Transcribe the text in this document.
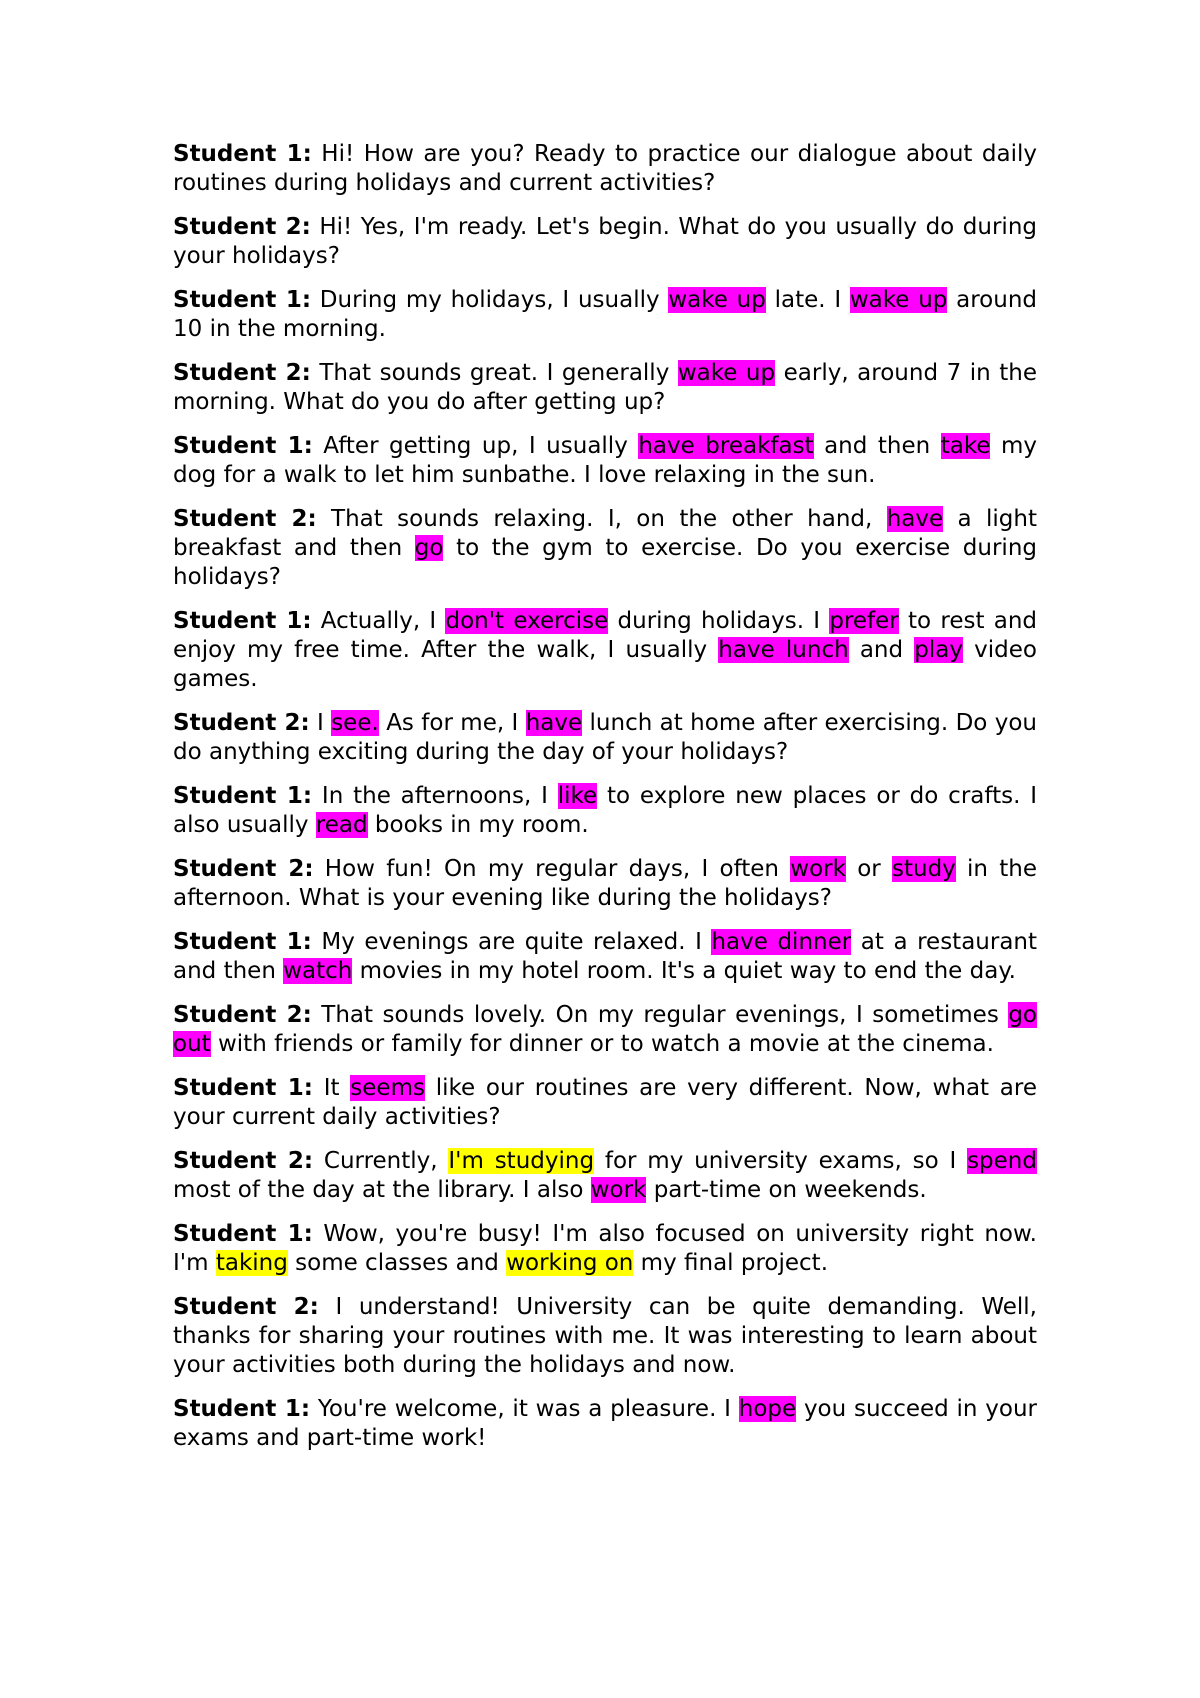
Student 1: Hi! How are you? Ready to practice our dialogue about daily routines during holidays and current activities?

Student 2: Hi! Yes, I'm ready. Let's begin. What do you usually do during your holidays?

Student 1: During my holidays, I usually wake up late. I wake up around 10 in the morning.

Student 2: That sounds great. I generally wake up early, around 7 in the morning. What do you do after getting up?

Student 1: After getting up, I usually have breakfast and then take my dog for a walk to let him sunbathe. I love relaxing in the sun.

Student 2: That sounds relaxing. I, on the other hand, have a light breakfast and then go to the gym to exercise. Do you exercise during holidays?

Student 1: Actually, I don't exercise during holidays. I prefer to rest and enjoy my free time. After the walk, I usually have lunch and play video games.

Student 2: I see. As for me, I have lunch at home after exercising. Do you do anything exciting during the day of your holidays?

Student 1: In the afternoons, I like to explore new places or do crafts. I also usually read books in my room.

Student 2: How fun! On my regular days, I often work or study in the afternoon. What is your evening like during the holidays?

Student 1: My evenings are quite relaxed. I have dinner at a restaurant and then watch movies in my hotel room. It's a quiet way to end the day.

Student 2: That sounds lovely. On my regular evenings, I sometimes go out with friends or family for dinner or to watch a movie at the cinema.

Student 1: It seems like our routines are very different. Now, what are your current daily activities?

Student 2: Currently, I'm studying for my university exams, so I spend most of the day at the library. I also work part-time on weekends.

Student 1: Wow, you're busy! I'm also focused on university right now. I'm taking some classes and working on my final project.

Student 2: I understand! University can be quite demanding. Well, thanks for sharing your routines with me. It was interesting to learn about your activities both during the holidays and now.

Student 1: You're welcome, it was a pleasure. I hope you succeed in your exams and part-time work!
